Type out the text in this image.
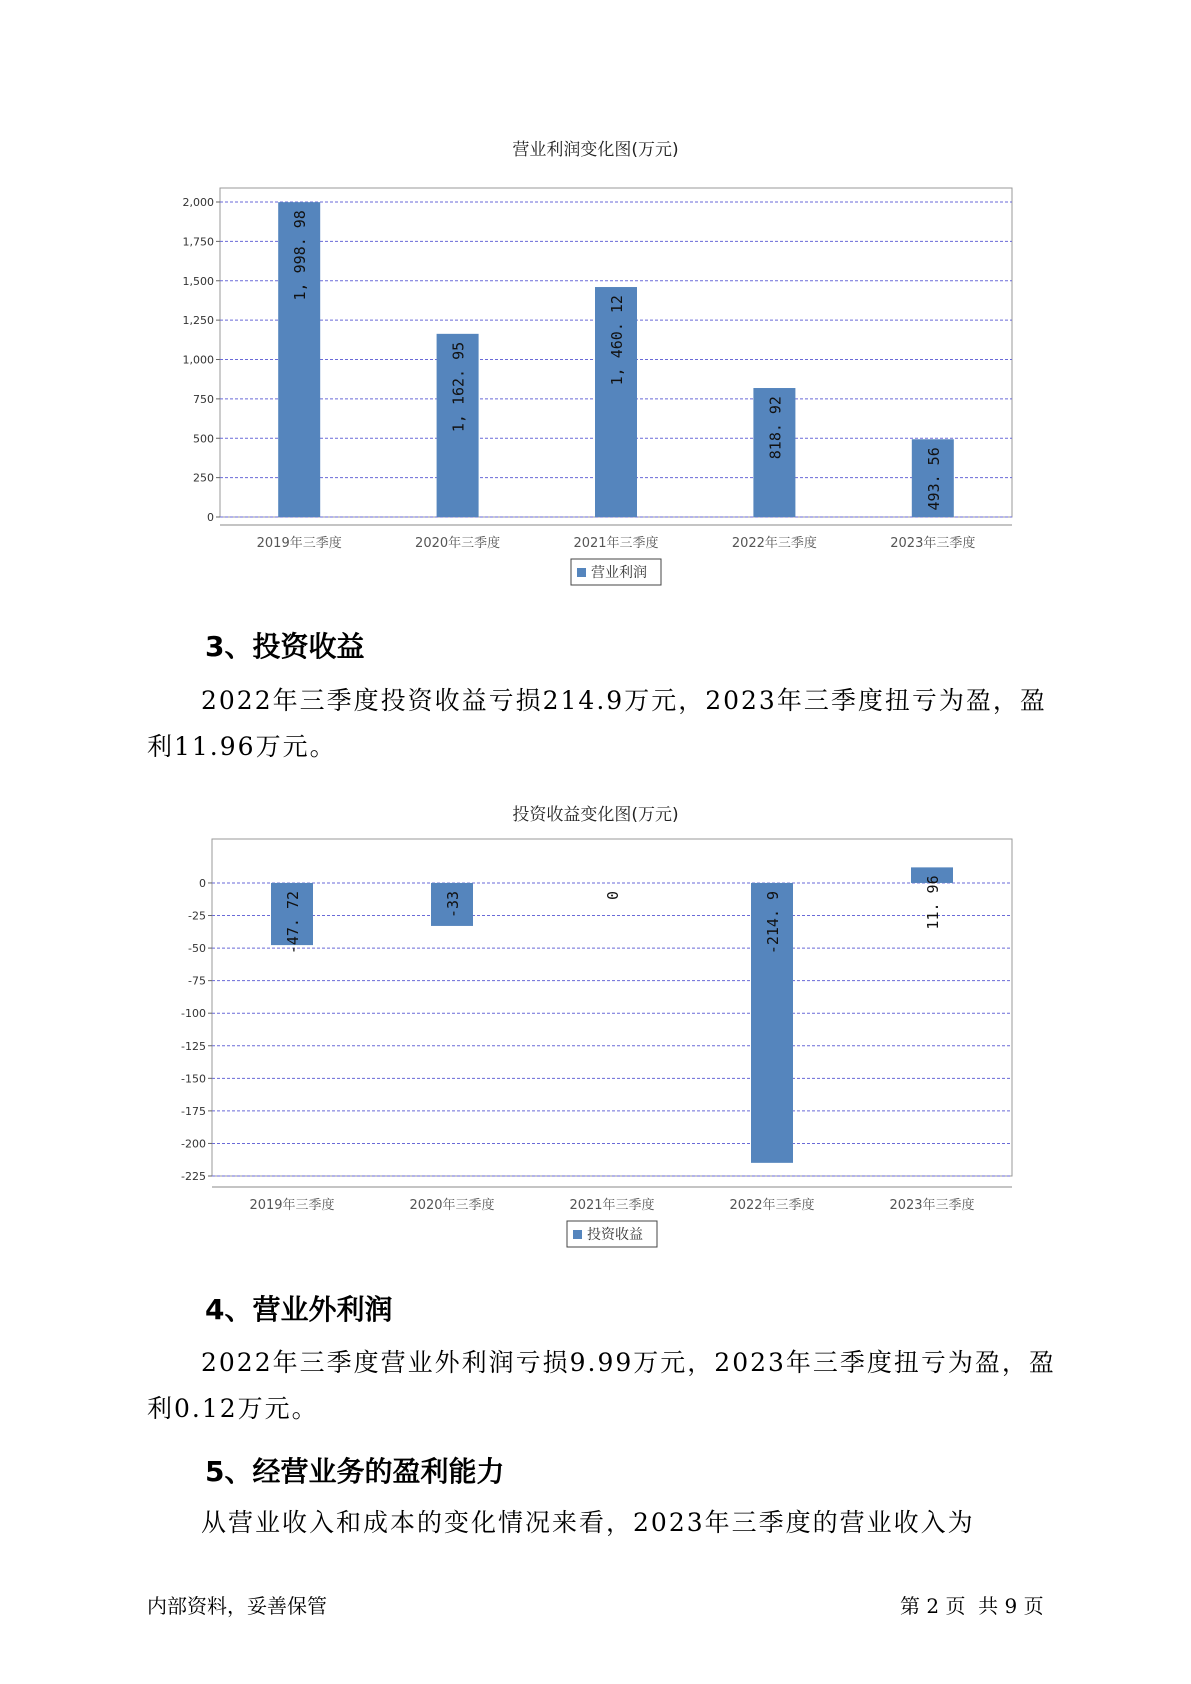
营业利润变化图(万元)
0
250
500
750
1,000
1,250
1,500
1,750
2,000
1, 998. 98
2019年三季度
1, 162. 95
2020年三季度
1, 460. 12
2021年三季度
818. 92
2022年三季度
493. 56
2023年三季度
营业利润
3、投资收益
2022年三季度投资收益亏损214.9万元，2023年三季度扭亏为盈，盈利11.96万元。
投资收益变化图(万元)
0
-25
-50
-75
-100
-125
-150
-175
-200
-225
-47. 72
2019年三季度
-33
2020年三季度
0
2021年三季度
-214. 9
2022年三季度
11. 96
2023年三季度
投资收益
4、营业外利润
2022年三季度营业外利润亏损9.99万元，2023年三季度扭亏为盈，盈利0.12万元。
5、经营业务的盈利能力
从营业收入和成本的变化情况来看，2023年三季度的营业收入为
内部资料，妥善保管	第 2 页  共 9 页
